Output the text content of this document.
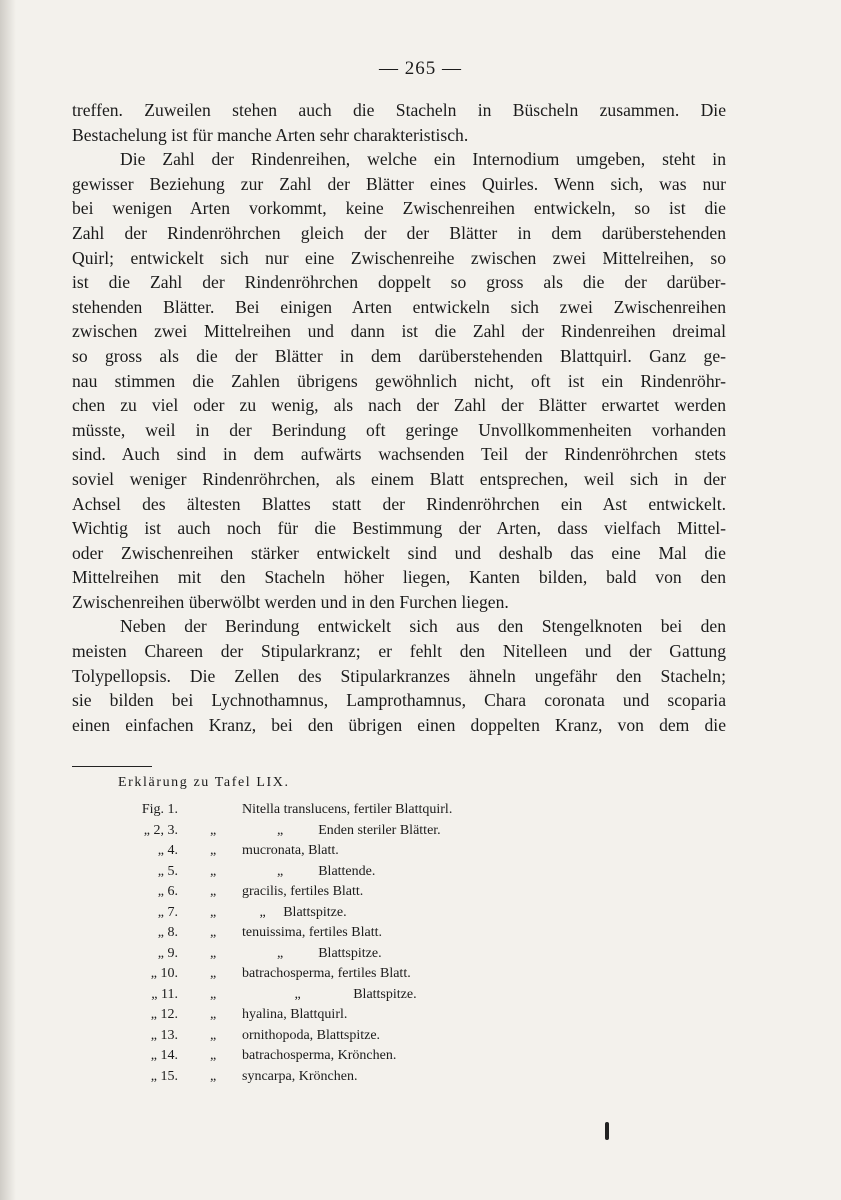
— 265 —
treffen. Zuweilen stehen auch die Stacheln in Büscheln zusammen. Die
Bestachelung ist für manche Arten sehr charakteristisch.
Die Zahl der Rindenreihen, welche ein Internodium umgeben, steht in
gewisser Beziehung zur Zahl der Blätter eines Quirles. Wenn sich, was nur
bei wenigen Arten vorkommt, keine Zwischenreihen entwickeln, so ist die
Zahl der Rindenröhrchen gleich der der Blätter in dem darüberstehenden
Quirl; entwickelt sich nur eine Zwischenreihe zwischen zwei Mittelreihen, so
ist die Zahl der Rindenröhrchen doppelt so gross als die der darüber-
stehenden Blätter. Bei einigen Arten entwickeln sich zwei Zwischenreihen
zwischen zwei Mittelreihen und dann ist die Zahl der Rindenreihen dreimal
so gross als die der Blätter in dem darüberstehenden Blattquirl. Ganz ge-
nau stimmen die Zahlen übrigens gewöhnlich nicht, oft ist ein Rindenröhr-
chen zu viel oder zu wenig, als nach der Zahl der Blätter erwartet werden
müsste, weil in der Berindung oft geringe Unvollkommenheiten vorhanden
sind. Auch sind in dem aufwärts wachsenden Teil der Rindenröhrchen stets
soviel weniger Rindenröhrchen, als einem Blatt entsprechen, weil sich in der
Achsel des ältesten Blattes statt der Rindenröhrchen ein Ast entwickelt.
Wichtig ist auch noch für die Bestimmung der Arten, dass vielfach Mittel-
oder Zwischenreihen stärker entwickelt sind und deshalb das eine Mal die
Mittelreihen mit den Stacheln höher liegen, Kanten bilden, bald von den
Zwischenreihen überwölbt werden und in den Furchen liegen.
Neben der Berindung entwickelt sich aus den Stengelknoten bei den
meisten Chareen der Stipularkranz; er fehlt den Nitelleen und der Gattung
Tolypellopsis. Die Zellen des Stipularkranzes ähneln ungefähr den Stacheln;
sie bilden bei Lychnothamnus, Lamprothamnus, Chara coronata und scoparia
einen einfachen Kranz, bei den übrigen einen doppelten Kranz, von dem die
Erklärung zu Tafel LIX.
Fig. 1.	Nitella translucens, fertiler Blattquirl.
„ 2, 3. „ „          Enden steriler Blätter.
„ 4. „ mucronata, Blatt.
„ 5. „ „          Blattende.
„ 6. „ gracilis, fertiles Blatt.
„ 7. „ „     Blattspitze.
„ 8. „ tenuissima, fertiles Blatt.
„ 9. „ „          Blattspitze.
„ 10. „ batrachosperma, fertiles Blatt.
„ 11. „ „               Blattspitze.
„ 12. „ hyalina, Blattquirl.
„ 13. „ ornithopoda, Blattspitze.
„ 14. „ batrachosperma, Krönchen.
„ 15. „ syncarpa, Krönchen.
